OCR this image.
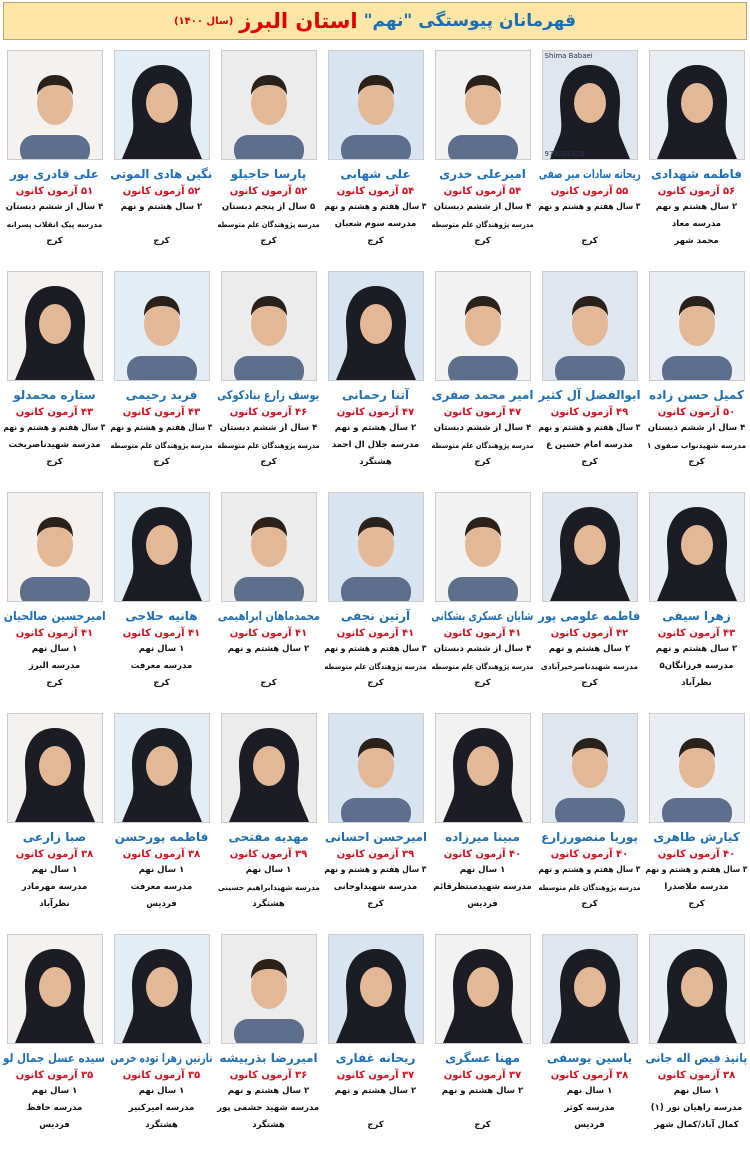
قهرمانان پیوستگی
"نهم"
استان البرز
(سال ۱۴۰۰)
فاطمه شهدادی
۵۶ آزمون کانون
۲ سال هشتم و نهم
مدرسه معاد
محمد شهر
Shima Babaei
973001418
ریحانه سادات میر صفی
۵۵ آزمون کانون
۳ سال هفتم و هشتم و نهم
کرج
امیرعلی خدری
۵۴ آزمون کانون
۴ سال از ششم دبستان
مدرسه پژوهندگان علم متوسطه
کرج
علی شهابی
۵۴ آزمون کانون
۳ سال هفتم و هشتم و نهم
مدرسه سوم شعبان
کرج
پارسا حاجیلو
۵۲ آزمون کانون
۵ سال از پنجم دبستان
مدرسه پژوهندگان علم متوسطه
کرج
نگین هادی الموتی
۵۲ آزمون کانون
۲ سال هشتم و نهم
کرج
علی قادری پور
۵۱ آزمون کانون
۴ سال از ششم دبستان
مدرسه پیک انقلاب پسرانه
کرج
کمیل حسن زاده
۵۰ آزمون کانون
۴ سال از ششم دبستان
مدرسه شهیدنواب صفوی ۱
کرج
ابوالفضل آل کثیر
۴۹ آزمون کانون
۳ سال هفتم و هشتم و نهم
مدرسه امام حسین ع
کرج
امیر محمد صفری
۴۷ آزمون کانون
۴ سال از ششم دبستان
مدرسه پژوهندگان علم متوسطه
کرج
آتنا رحمانی
۴۷ آزمون کانون
۲ سال هشتم و نهم
مدرسه جلال ال احمد
هشتگرد
یوسف زارع بنادکوکی
۴۶ آزمون کانون
۴ سال از ششم دبستان
مدرسه پژوهندگان علم متوسطه
کرج
فربد رحیمی
۴۳ آزمون کانون
۳ سال هفتم و هشتم و نهم
مدرسه پژوهندگان علم متوسطه
کرج
ستاره محمدلو
۴۳ آزمون کانون
۳ سال هفتم و هشتم و نهم
مدرسه شهیدناصربخت
کرج
زهرا سیفی
۴۳ آزمون کانون
۲ سال هشتم و نهم
مدرسه فرزانگان۵
نظرآباد
فاطمه علومی پور
۴۲ آزمون کانون
۲ سال هشتم و نهم
مدرسه شهیدناصرخیرآبادی
کرج
شایان عسکری بشکانی
۴۱ آزمون کانون
۴ سال از ششم دبستان
مدرسه پژوهندگان علم متوسطه
کرج
آرتین نجفی
۴۱ آزمون کانون
۳ سال هفتم و هشتم و نهم
مدرسه پژوهندگان علم متوسطه
کرج
محمدماهان ابراهیمی
۴۱ آزمون کانون
۲ سال هشتم و نهم
کرج
هانیه حلاجی
۴۱ آزمون کانون
۱ سال نهم
مدرسه معرفت
کرج
امیرحسین صالحیان
۴۱ آزمون کانون
۱ سال نهم
مدرسه البرز
کرج
کیارش طاهری
۴۰ آزمون کانون
۳ سال هفتم و هشتم و نهم
مدرسه ملاصدرا
کرج
پوریا منصورزارع
۴۰ آزمون کانون
۳ سال هفتم و هشتم و نهم
مدرسه پژوهندگان علم متوسطه
کرج
مبینا میرزاده
۴۰ آزمون کانون
۱ سال نهم
مدرسه شهیدمنتظرقائم
فردیس
امیرحسن احسانی
۳۹ آزمون کانون
۳ سال هفتم و هشتم و نهم
مدرسه شهیداوجانی
کرج
مهدیه مفتحی
۳۹ آزمون کانون
۱ سال نهم
مدرسه شهیدابراهیم حسینی
هشتگرد
فاطمه پورحسن
۳۸ آزمون کانون
۱ سال نهم
مدرسه معرفت
فردیس
صبا زارعی
۳۸ آزمون کانون
۱ سال نهم
مدرسه مهرمادر
نظرآباد
پانیذ فیض اله جانی
۳۸ آزمون کانون
۱ سال نهم
مدرسه راهیان نور (۱)
کمال آباد/کمال شهر
یاسین یوسفی
۳۸ آزمون کانون
۱ سال نهم
مدرسه کوثر
فردیس
مهنا عسگری
۳۷ آزمون کانون
۲ سال هشتم و نهم
کرج
ریحانه غفاری
۳۷ آزمون کانون
۲ سال هشتم و نهم
کرج
امیررضا بذرپیشه
۳۶ آزمون کانون
۲ سال هشتم و نهم
مدرسه شهید حشمی پور
هشتگرد
نازنین زهرا توده خرمن
۳۵ آزمون کانون
۱ سال نهم
مدرسه امیرکبیر
هشتگرد
سیده عسل جمال لو
۳۵ آزمون کانون
۱ سال نهم
مدرسه حافظ
فردیس
